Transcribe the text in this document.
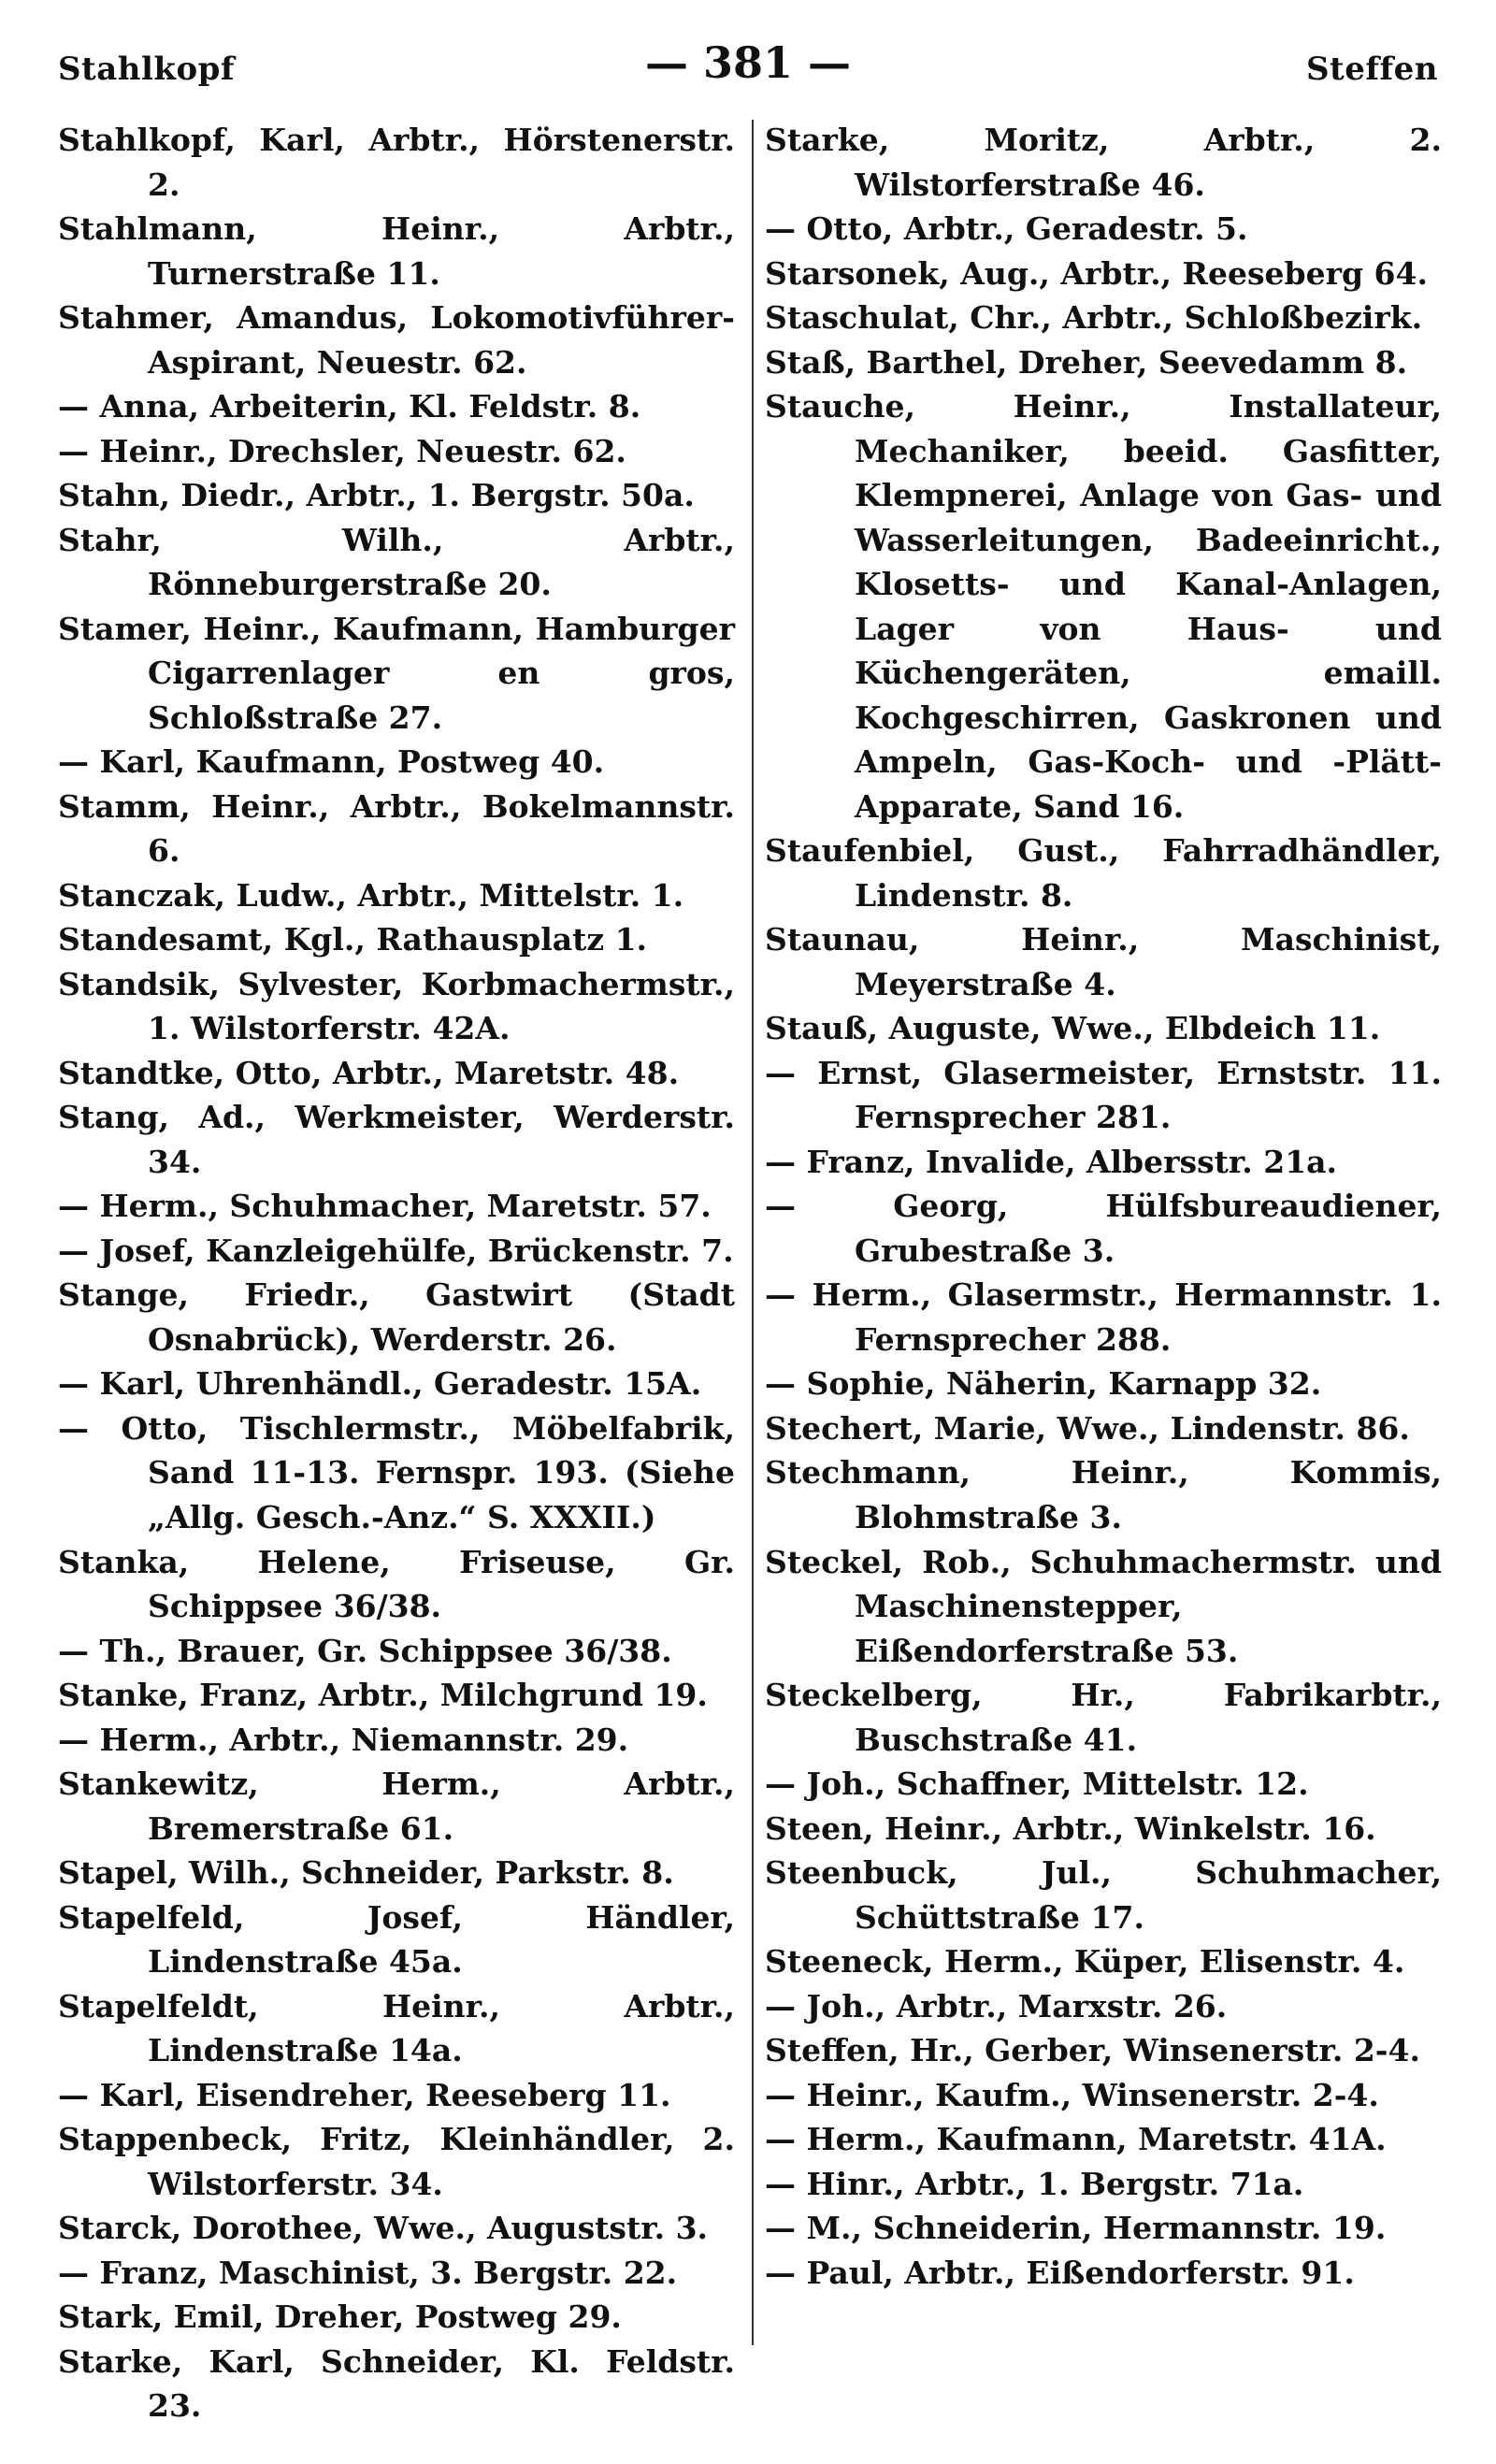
Stahlkopf	— 381 —	Steffen

Stahlkopf, Karl, Arbtr., Hörstenerstr. 2.

Stahlmann, Heinr., Arbtr., Turnerstraße 11.

Stahmer, Amandus, Lokomotivführer-Aspirant, Neuestr. 62.

— Anna, Arbeiterin, Kl. Feldstr. 8.

— Heinr., Drechsler, Neuestr. 62.

Stahn, Diedr., Arbtr., 1. Bergstr. 50a.

Stahr, Wilh., Arbtr., Rönneburgerstraße 20.

Stamer, Heinr., Kaufmann, Hamburger Cigarrenlager en gros, Schloßstraße 27.

— Karl, Kaufmann, Postweg 40.

Stamm, Heinr., Arbtr., Bokelmannstr. 6.

Stanczak, Ludw., Arbtr., Mittelstr. 1.

Standesamt, Kgl., Rathausplatz 1.

Standsik, Sylvester, Korbmachermstr., 1. Wilstorferstr. 42A.

Standtke, Otto, Arbtr., Maretstr. 48.

Stang, Ad., Werkmeister, Werderstr. 34.

— Herm., Schuhmacher, Maretstr. 57.

— Josef, Kanzleigehülfe, Brückenstr. 7.

Stange, Friedr., Gastwirt (Stadt Osnabrück), Werderstr. 26.

— Karl, Uhrenhändl., Geradestr. 15A.

— Otto, Tischlermstr., Möbelfabrik, Sand 11-13. Fernspr. 193. (Siehe „Allg. Gesch.-Anz.“ S. XXXII.)

Stanka, Helene, Friseuse, Gr. Schippsee 36/38.

— Th., Brauer, Gr. Schippsee 36/38.

Stanke, Franz, Arbtr., Milchgrund 19.

— Herm., Arbtr., Niemannstr. 29.

Stankewitz, Herm., Arbtr., Bremerstraße 61.

Stapel, Wilh., Schneider, Parkstr. 8.

Stapelfeld, Josef, Händler, Lindenstraße 45a.

Stapelfeldt, Heinr., Arbtr., Lindenstraße 14a.

— Karl, Eisendreher, Reeseberg 11.

Stappenbeck, Fritz, Kleinhändler, 2. Wilstorferstr. 34.

Starck, Dorothee, Wwe., Auguststr. 3.

— Franz, Maschinist, 3. Bergstr. 22.

Stark, Emil, Dreher, Postweg 29.

Starke, Karl, Schneider, Kl. Feldstr. 23.

Starke, Moritz, Arbtr., 2. Wilstorferstraße 46.

— Otto, Arbtr., Geradestr. 5.

Starsonek, Aug., Arbtr., Reeseberg 64.

Staschulat, Chr., Arbtr., Schloßbezirk.

Staß, Barthel, Dreher, Seevedamm 8.

Stauche, Heinr., Installateur, Mechaniker, beeid. Gasfitter, Klempnerei, Anlage von Gas- und Wasserleitungen, Badeeinricht., Klosetts- und Kanal-Anlagen, Lager von Haus- und Küchengeräten, emaill. Kochgeschirren, Gaskronen und Ampeln, Gas-Koch- und -Plätt-Apparate, Sand 16.

Staufenbiel, Gust., Fahrradhändler, Lindenstr. 8.

Staunau, Heinr., Maschinist, Meyerstraße 4.

Stauß, Auguste, Wwe., Elbdeich 11.

— Ernst, Glasermeister, Ernststr. 11. Fernsprecher 281.

— Franz, Invalide, Albersstr. 21a.

— Georg, Hülfsbureaudiener, Grubestraße 3.

— Herm., Glasermstr., Hermannstr. 1. Fernsprecher 288.

— Sophie, Näherin, Karnapp 32.

Stechert, Marie, Wwe., Lindenstr. 86.

Stechmann, Heinr., Kommis, Blohmstraße 3.

Steckel, Rob., Schuhmachermstr. und Maschinenstepper, Eißendorferstraße 53.

Steckelberg, Hr., Fabrikarbtr., Buschstraße 41.

— Joh., Schaffner, Mittelstr. 12.

Steen, Heinr., Arbtr., Winkelstr. 16.

Steenbuck, Jul., Schuhmacher, Schüttstraße 17.

Steeneck, Herm., Küper, Elisenstr. 4.

— Joh., Arbtr., Marxstr. 26.

Steffen, Hr., Gerber, Winsenerstr. 2-4.

— Heinr., Kaufm., Winsenerstr. 2-4.

— Herm., Kaufmann, Maretstr. 41A.

— Hinr., Arbtr., 1. Bergstr. 71a.

— M., Schneiderin, Hermannstr. 19.

— Paul, Arbtr., Eißendorferstr. 91.
